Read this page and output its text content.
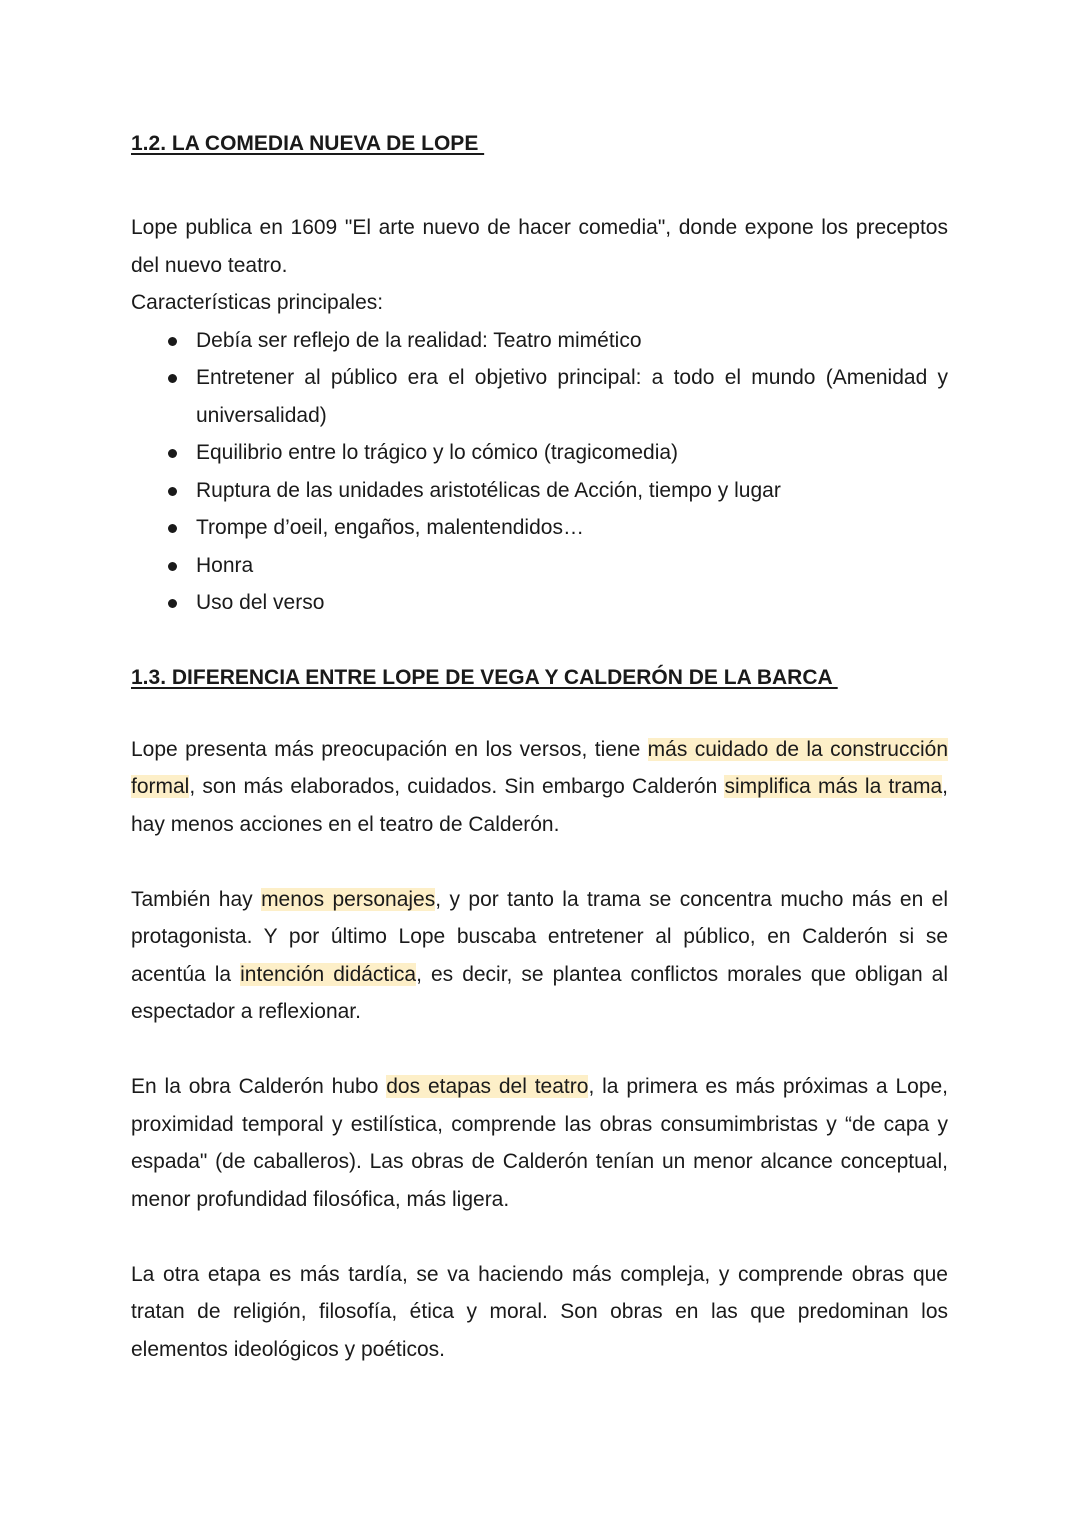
1.2. LA COMEDIA NUEVA DE LOPE

Lope publica en 1609 "El arte nuevo de hacer comedia", donde expone los preceptos del nuevo teatro.

Características principales:

Debía ser reflejo de la realidad: Teatro mimético
Entretener al público era el objetivo principal: a todo el mundo (Amenidad y universalidad)
Equilibrio entre lo trágico y lo cómico (tragicomedia)
Ruptura de las unidades aristotélicas de Acción, tiempo y lugar
Trompe d’oeil, engaños, malentendidos…
Honra
Uso del verso
1.3. DIFERENCIA ENTRE LOPE DE VEGA Y CALDERÓN DE LA BARCA

Lope presenta más preocupación en los versos, tiene más cuidado de la construcción formal, son más elaborados, cuidados. Sin embargo Calderón simplifica más la trama, hay menos acciones en el teatro de Calderón.

También hay menos personajes, y por tanto la trama se concentra mucho más en el protagonista. Y por último Lope buscaba entretener al público, en Calderón si se acentúa la intención didáctica, es decir, se plantea conflictos morales que obligan al espectador a reflexionar.

En la obra Calderón hubo dos etapas del teatro, la primera es más próximas a Lope, proximidad temporal y estilística, comprende las obras consumimbristas y “de capa y espada" (de caballeros). Las obras de Calderón tenían un menor alcance conceptual, menor profundidad filosófica, más ligera.

La otra etapa es más tardía, se va haciendo más compleja, y comprende obras que tratan de religión, filosofía, ética y moral. Son obras en las que predominan los elementos ideológicos y poéticos.
